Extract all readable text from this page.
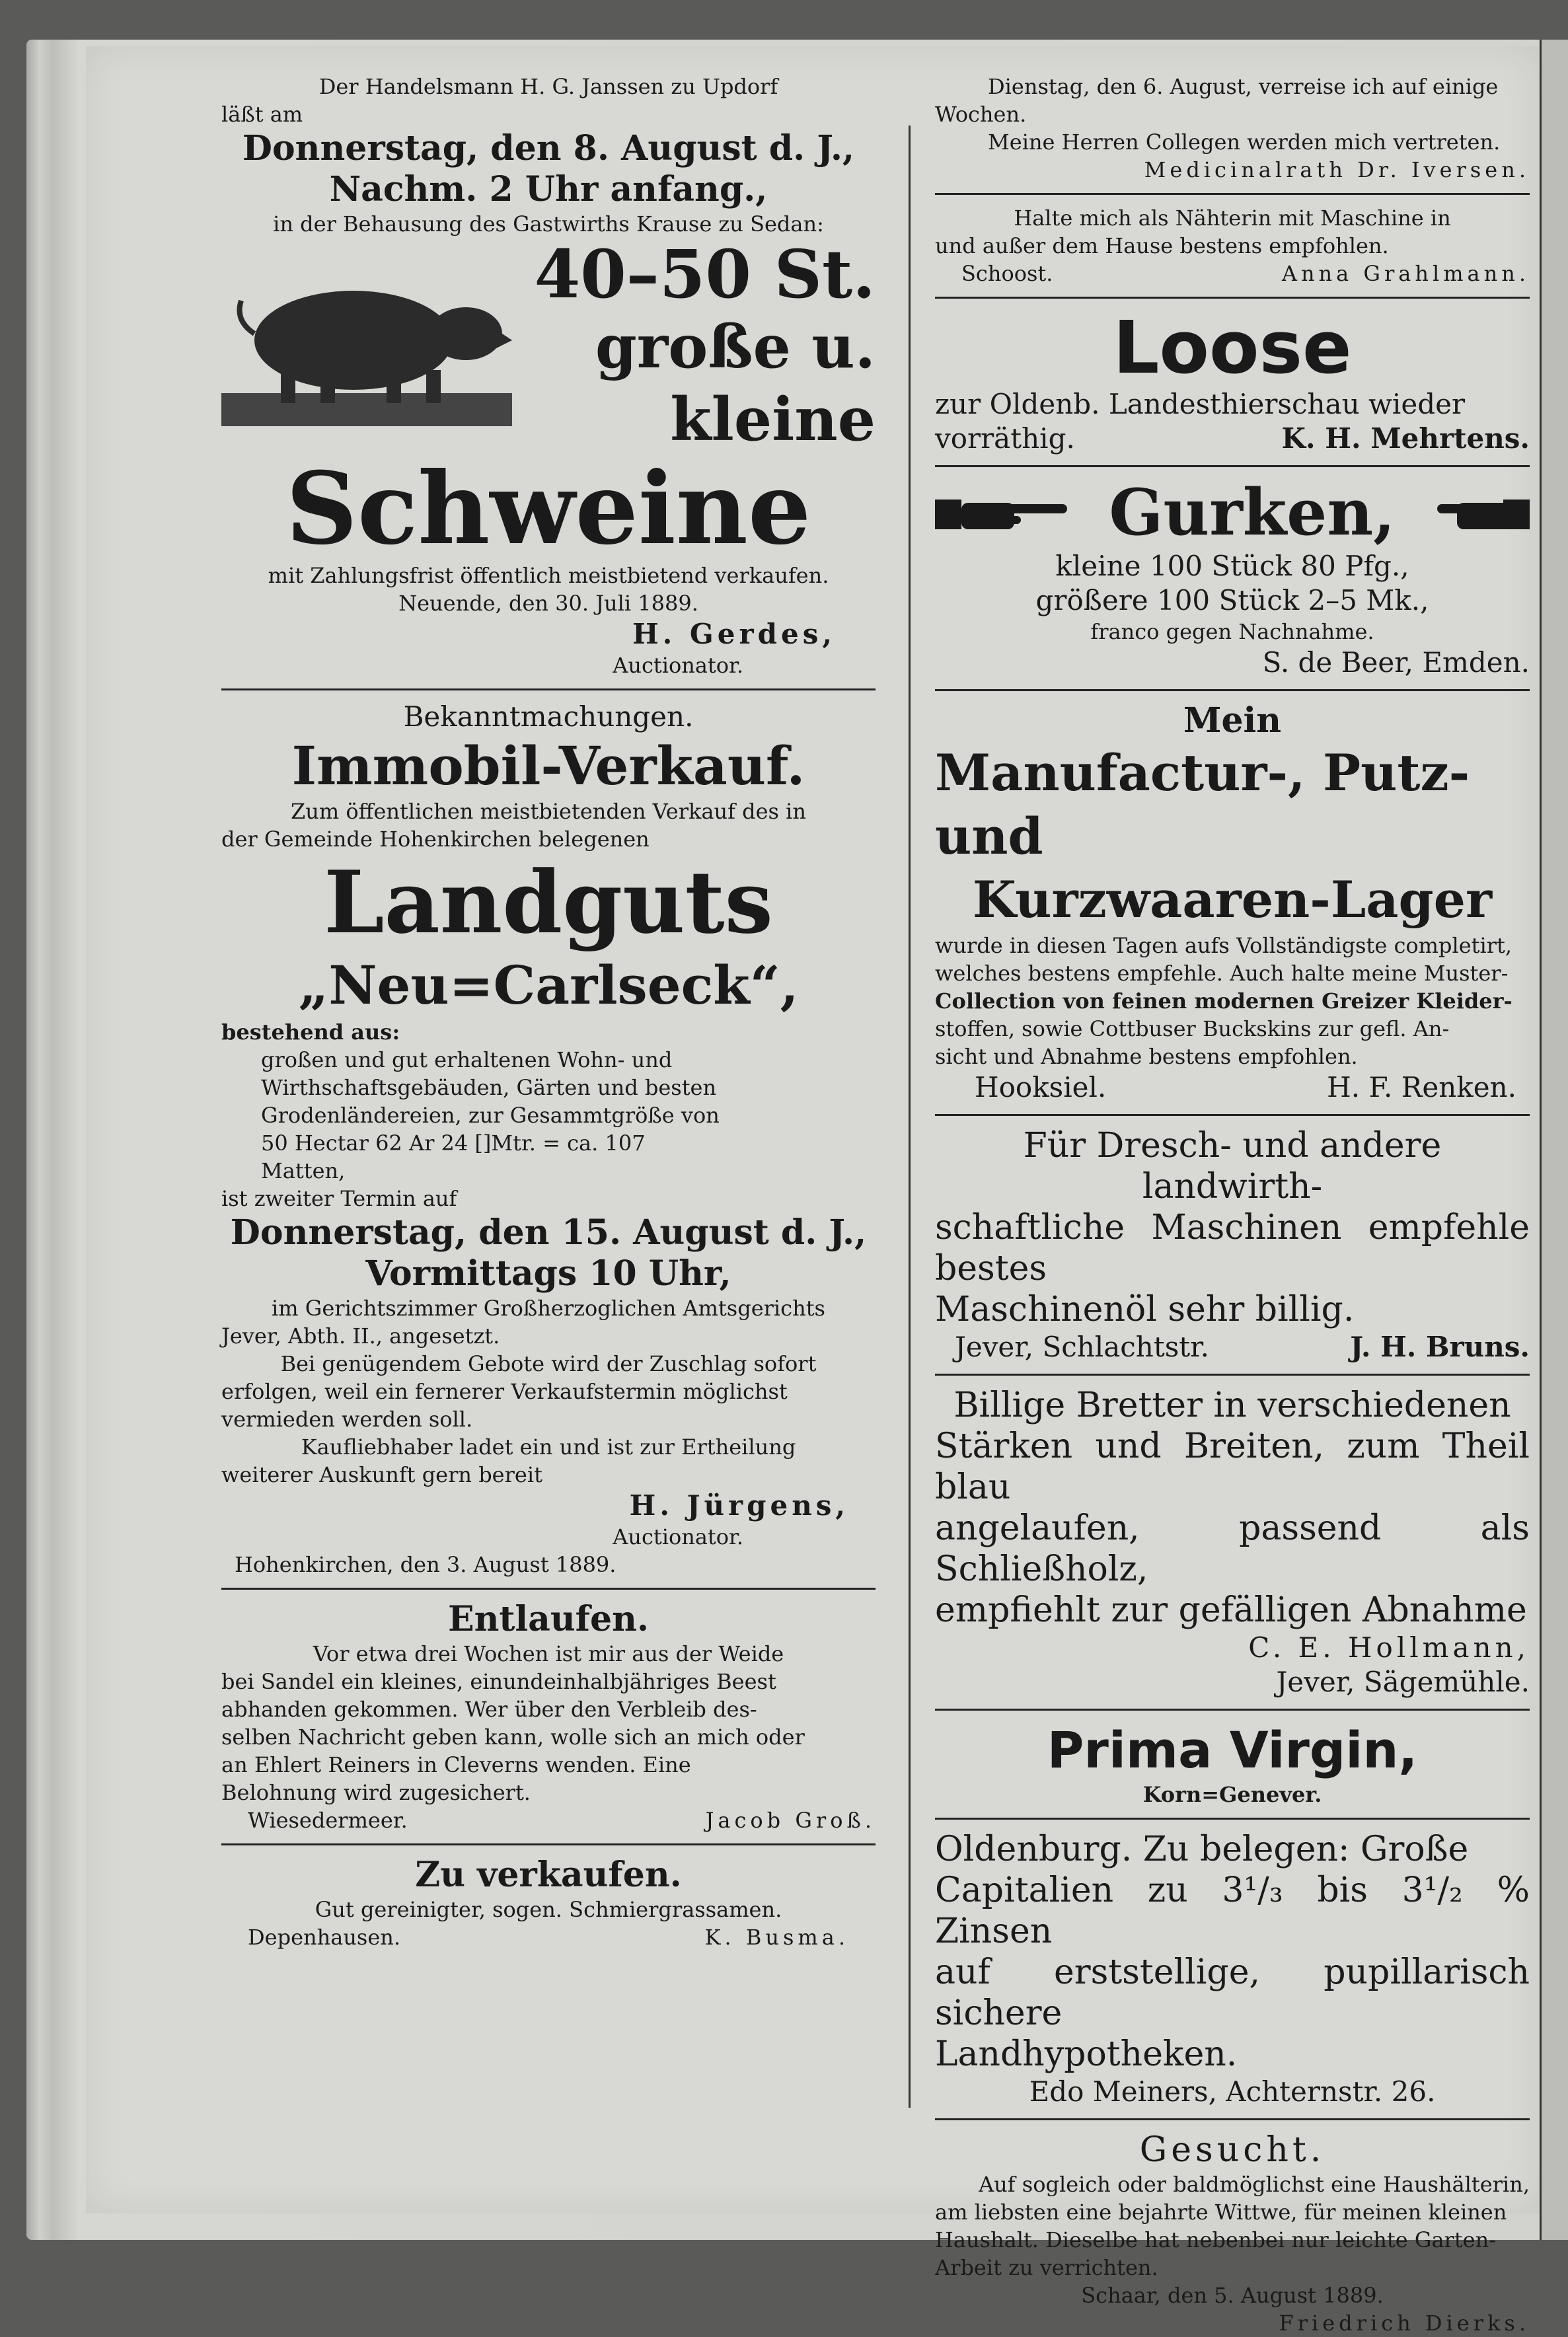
Der Handelsmann H. G. Janssen zu Updorf
läßt am
Donnerstag, den 8. August d. J.,
Nachm. 2 Uhr anfang.,
in der Behausung des Gastwirths Krause zu Sedan:
40–50 St.
große u. kleine
Schweine
mit Zahlungsfrist öffentlich meistbietend verkaufen.
Neuende, den 30. Juli 1889.
H. Gerdes,
Auctionator.
Bekanntmachungen.
Immobil-Verkauf.
Zum öffentlichen meistbietenden Verkauf des in
der Gemeinde Hohenkirchen belegenen
Landguts
„Neu=Carlseck“,
bestehend aus:
großen und gut erhaltenen Wohn- und
Wirthschaftsgebäuden, Gärten und besten
Grodenländereien, zur Gesammtgröße von
50 Hectar 62 Ar 24 []Mtr. = ca. 107
Matten,
ist zweiter Termin auf
Donnerstag, den 15. August d. J.,
Vormittags 10 Uhr,
im Gerichtszimmer Großherzoglichen Amtsgerichts
Jever, Abth. II., angesetzt.
Bei genügendem Gebote wird der Zuschlag sofort
erfolgen, weil ein fernerer Verkaufstermin möglichst
vermieden werden soll.
Kaufliebhaber ladet ein und ist zur Ertheilung
weiterer Auskunft gern bereit
H. Jürgens,
Auctionator.
Hohenkirchen, den 3. August 1889.
Entlaufen.
Vor etwa drei Wochen ist mir aus der Weide
bei Sandel ein kleines, einundeinhalbjähriges Beest
abhanden gekommen. Wer über den Verbleib des-
selben Nachricht geben kann, wolle sich an mich oder
an Ehlert Reiners in Cleverns wenden. Eine
Belohnung wird zugesichert.
Wiesedermeer.	Jacob Groß.
Zu verkaufen.
Gut gereinigter, sogen. Schmiergrassamen.
Depenhausen.	K. Busma.
Dienstag, den 6. August, verreise ich auf einige
Wochen.
Meine Herren Collegen werden mich vertreten.
Medicinalrath Dr. Iversen.
Halte mich als Nähterin mit Maschine in
und außer dem Hause bestens empfohlen.
Schoost.	Anna Grahlmann.
Loose
zur Oldenb. Landesthierschau wieder
vorräthig.	K. H. Mehrtens.
Gurken,
kleine 100 Stück 80 Pfg.,
größere 100 Stück 2–5 Mk.,
franco gegen Nachnahme.
S. de Beer, Emden.
Mein
Manufactur-, Putz- und
Kurzwaaren-Lager
wurde in diesen Tagen aufs Vollständigste completirt,
welches bestens empfehle. Auch halte meine Muster-
Collection von feinen modernen Greizer Kleider-
stoffen, sowie Cottbuser Buckskins zur gefl. An-
sicht und Abnahme bestens empfohlen.
Hooksiel.	H. F. Renken.
Für Dresch- und andere landwirth-
schaftliche Maschinen empfehle bestes
Maschinenöl sehr billig.
Jever, Schlachtstr.	J. H. Bruns.
Billige Bretter in verschiedenen
Stärken und Breiten, zum Theil blau
angelaufen, passend als Schließholz,
empfiehlt zur gefälligen Abnahme
C. E. Hollmann,
Jever, Sägemühle.
Prima Virgin,
Korn=Genever.
Oldenburg. Zu belegen: Große
Capitalien zu 3¹/₃ bis 3¹/₂ % Zinsen
auf erststellige, pupillarisch sichere
Landhypotheken.
Edo Meiners, Achternstr. 26.
Gesucht.
Auf sogleich oder baldmöglichst eine Haushälterin,
am liebsten eine bejahrte Wittwe, für meinen kleinen
Haushalt. Dieselbe hat nebenbei nur leichte Garten-
Arbeit zu verrichten.
Schaar, den 5. August 1889.
Friedrich Dierks.
